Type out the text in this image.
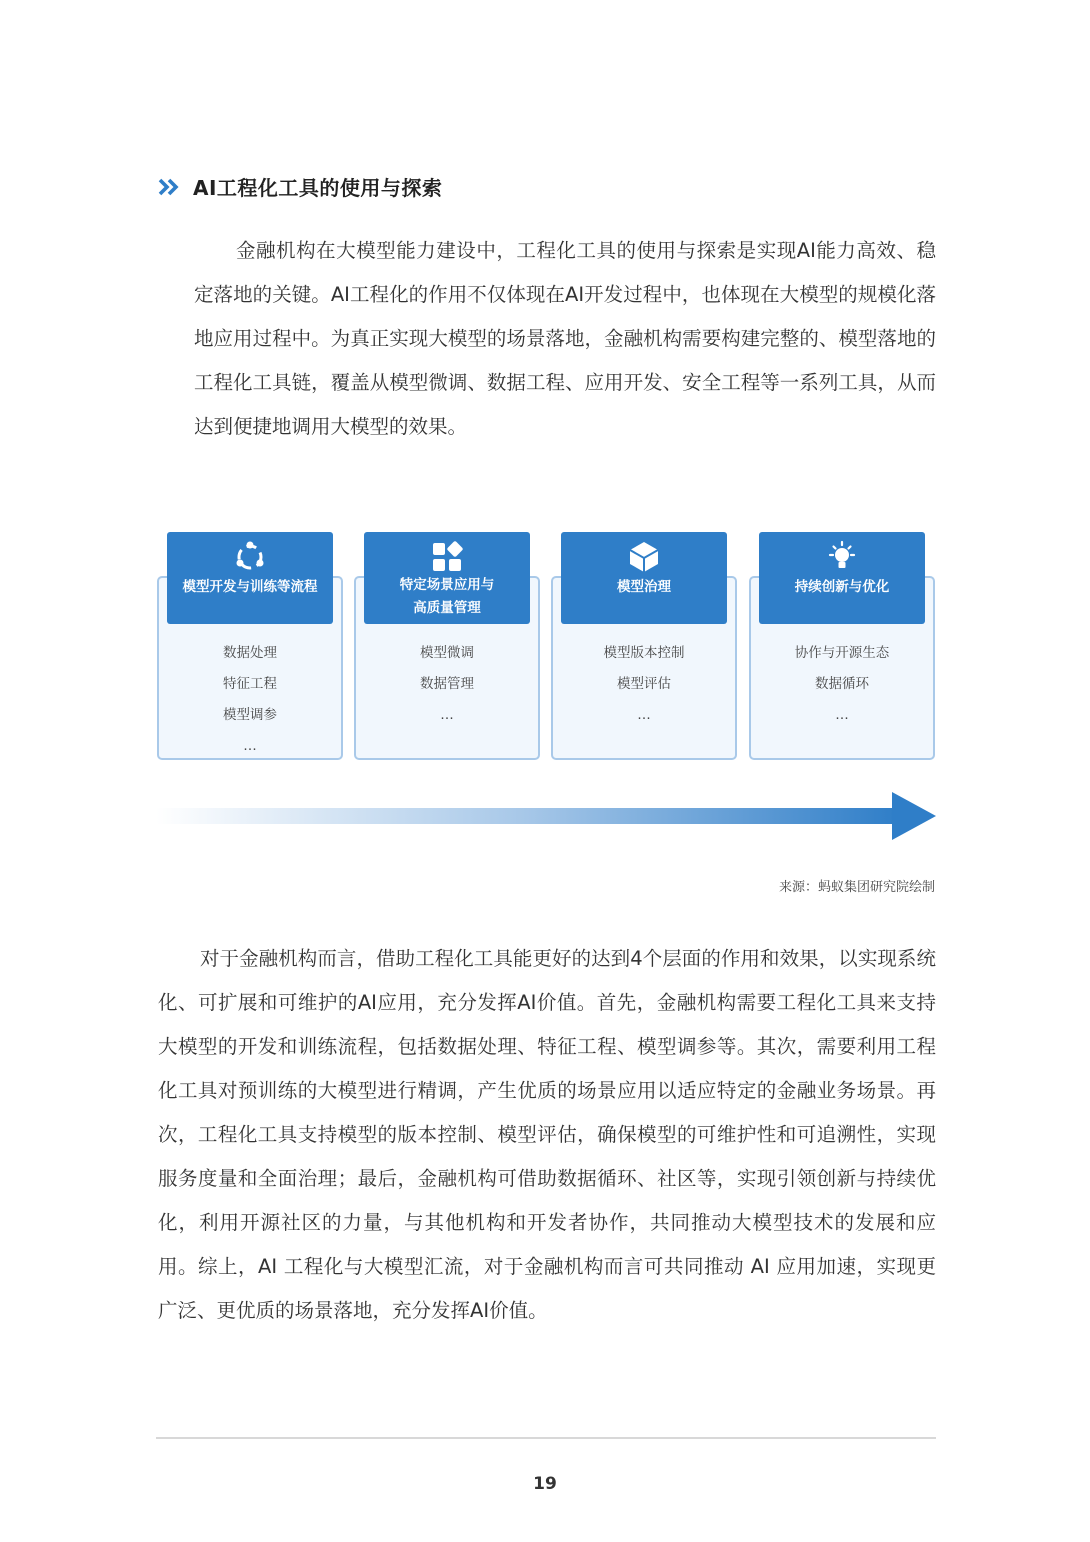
AI工程化工具的使用与探索

金融机构在大模型能力建设中，工程化工具的使用与探索是实现AI能力高效、稳定落地的关键。AI工程化的作用不仅体现在AI开发过程中，也体现在大模型的规模化落地应用过程中。为真正实现大模型的场景落地，金融机构需要构建完整的、模型落地的工程化工具链，覆盖从模型微调、数据工程、应用开发、安全工程等一系列工具，从而达到便捷地调用大模型的效果。

数据处理
特征工程
模型调参
…
模型开发与训练等流程
模型微调
数据管理
…
特定场景应用与
高质量管理
模型版本控制
模型评估
…
模型治理
协作与开源生态
数据循环
…
持续创新与优化
来源：蚂蚁集团研究院绘制

对于金融机构而言，借助工程化工具能更好的达到4个层面的作用和效果，以实现系统化、可扩展和可维护的AI应用，充分发挥AI价值。首先，金融机构需要工程化工具来支持大模型的开发和训练流程，包括数据处理、特征工程、模型调参等。其次，需要利用工程化工具对预训练的大模型进行精调，产生优质的场景应用以适应特定的金融业务场景。再次，工程化工具支持模型的版本控制、模型评估，确保模型的可维护性和可追溯性，实现服务度量和全面治理；最后，金融机构可借助数据循环、社区等，实现引领创新与持续优化，利用开源社区的力量，与其他机构和开发者协作，共同推动大模型技术的发展和应用。综上，AI 工程化与大模型汇流，对于金融机构而言可共同推动 AI 应用加速，实现更广泛、更优质的场景落地，充分发挥AI价值。

19
